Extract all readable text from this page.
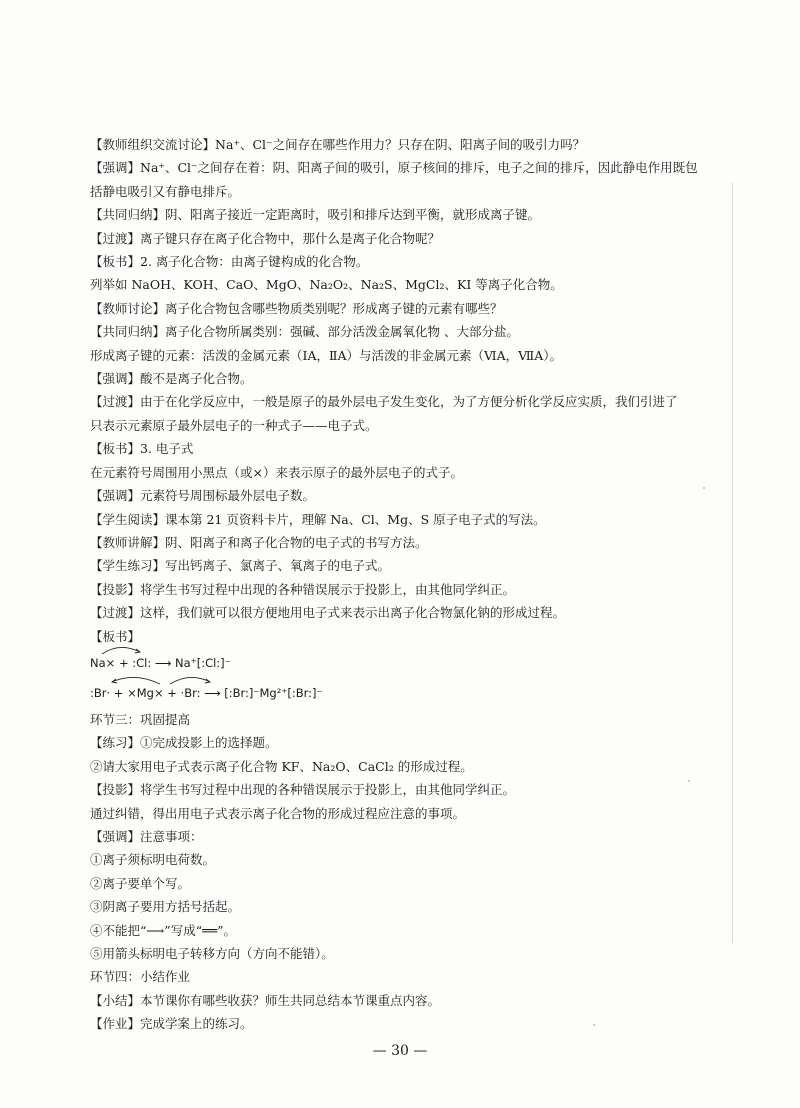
【教师组织交流讨论】Na⁺、Cl⁻之间存在哪些作用力？只存在阴、阳离子间的吸引力吗？
【强调】Na⁺、Cl⁻之间存在着：阴、阳离子间的吸引，原子核间的排斥，电子之间的排斥，因此静电作用既包
括静电吸引又有静电排斥。
【共同归纳】阴、阳离子接近一定距离时，吸引和排斥达到平衡，就形成离子键。
【过渡】离子键只存在离子化合物中，那什么是离子化合物呢？
【板书】2. 离子化合物：由离子键构成的化合物。
列举如 NaOH、KOH、CaO、MgO、Na₂O₂、Na₂S、MgCl₂、KI 等离子化合物。
【教师讨论】离子化合物包含哪些物质类别呢？形成离子键的元素有哪些？
【共同归纳】离子化合物所属类别：强碱、部分活泼金属氧化物 、大部分盐。
形成离子键的元素：活泼的金属元素（ⅠA，ⅡA）与活泼的非金属元素（ⅥA，ⅦA）。
【强调】酸不是离子化合物。
【过渡】由于在化学反应中，一般是原子的最外层电子发生变化，为了方便分析化学反应实质，我们引进了
只表示元素原子最外层电子的一种式子——电子式。
【板书】3. 电子式
在元素符号周围用小黑点（或×）来表示原子的最外层电子的式子。
【强调】元素符号周围标最外层电子数。
【学生阅读】课本第 21 页资料卡片，理解 Na、Cl、Mg、S 原子电子式的写法。
【教师讲解】阴、阳离子和离子化合物的电子式的书写方法。
【学生练习】写出钙离子、氯离子、氧离子的电子式。
【投影】将学生书写过程中出现的各种错误展示于投影上，由其他同学纠正。
【过渡】这样，我们就可以很方便地用电子式来表示出离子化合物氯化钠的形成过程。
【板书】
Na× + :Cl: ⟶ Na⁺[:Cl:]⁻
:Br· + ×Mg× + ·Br: ⟶ [:Br:]⁻Mg²⁺[:Br:]⁻
环节三：巩固提高
【练习】①完成投影上的选择题。
②请大家用电子式表示离子化合物 KF、Na₂O、CaCl₂ 的形成过程。
【投影】将学生书写过程中出现的各种错误展示于投影上，由其他同学纠正。
通过纠错，得出用电子式表示离子化合物的形成过程应注意的事项。
【强调】注意事项：
①离子须标明电荷数。
②离子要单个写。
③阴离子要用方括号括起。
④不能把“⟶”写成“══”。
⑤用箭头标明电子转移方向（方向不能错）。
环节四：小结作业
【小结】本节课你有哪些收获？师生共同总结本节课重点内容。
【作业】完成学案上的练习。
— 30 —
